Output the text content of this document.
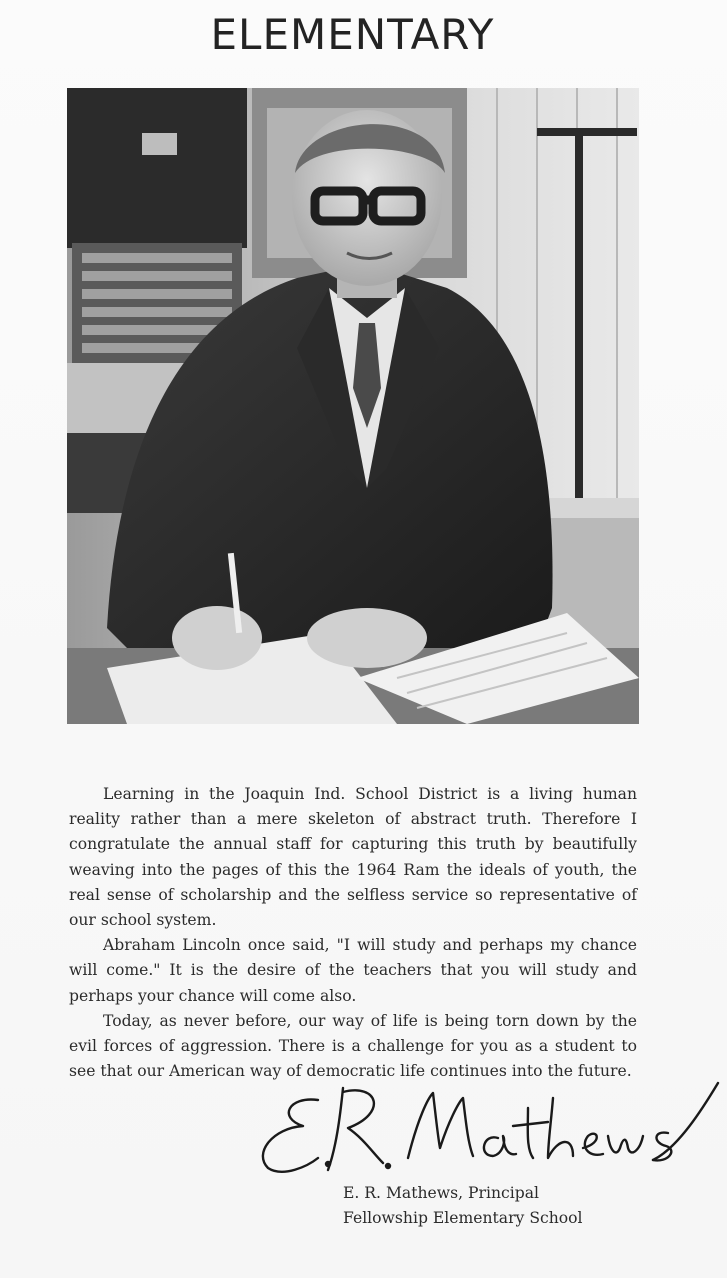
ELEMENTARY

Learning in the Joaquin Ind. School District is a living human reality rather than a mere skeleton of abstract truth. Therefore I congratulate the annual staff for capturing this truth by beautifully weaving into the pages of this the 1964 Ram the ideals of youth, the real sense of scholarship and the selfless service so representative of our school system.

Abraham Lincoln once said, "I will study and perhaps my chance will come." It is the desire of the teachers that you will study and perhaps your chance will come also.

Today, as never before, our way of life is being torn down by the evil forces of aggression. There is a challenge for you as a student to see that our American way of democratic life continues into the future.

E. R. Mathews, Principal
Fellowship Elementary School
